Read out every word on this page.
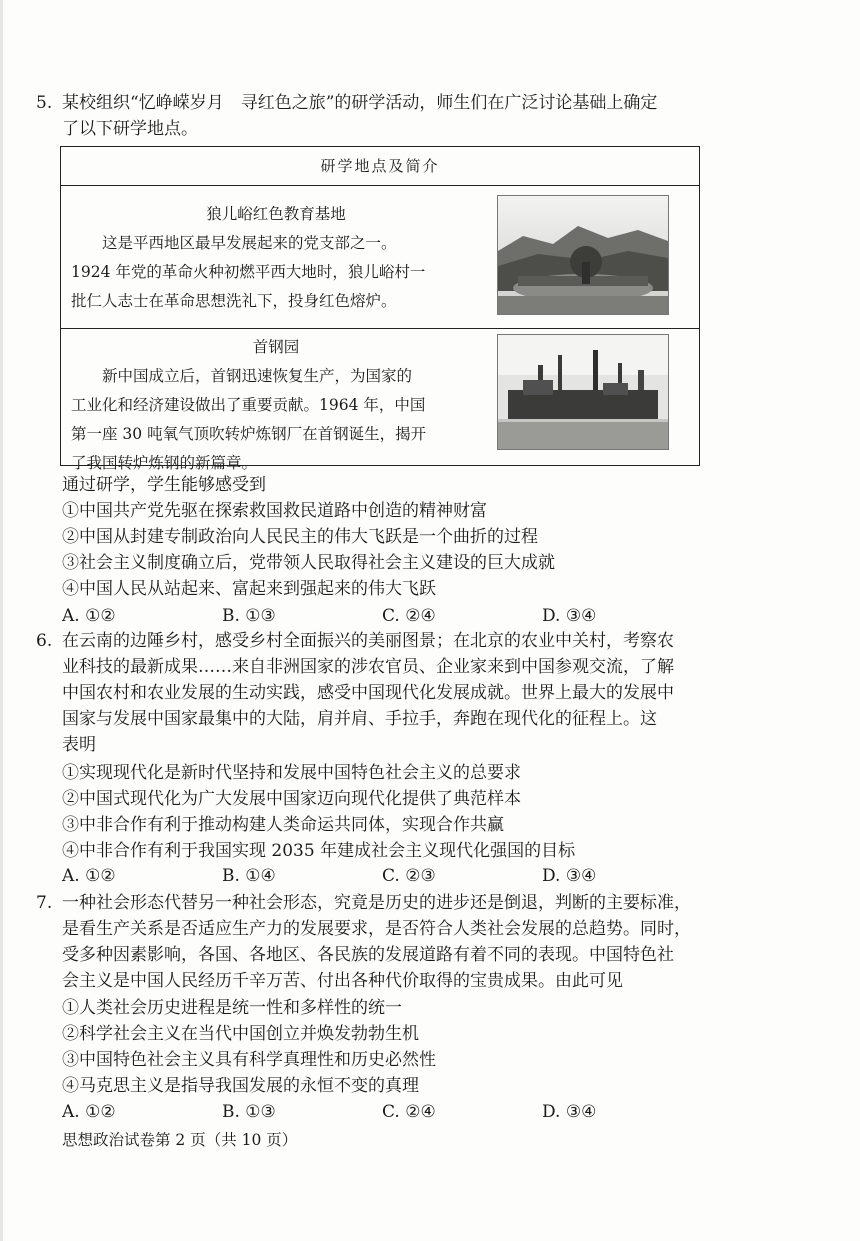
5. 某校组织“忆峥嵘岁月　寻红色之旅”的研学活动，师生们在广泛讨论基础上确定
了以下研学地点。
研学地点及简介
狼儿峪红色教育基地
这是平西地区最早发展起来的党支部之一。
1924 年党的革命火种初燃平西大地时，狼儿峪村一
批仁人志士在革命思想洗礼下，投身红色熔炉。
首钢园
新中国成立后，首钢迅速恢复生产，为国家的
工业化和经济建设做出了重要贡献。1964 年，中国
第一座 30 吨氧气顶吹转炉炼钢厂在首钢诞生，揭开
了我国转炉炼钢的新篇章。
通过研学，学生能够感受到
①中国共产党先驱在探索救国救民道路中创造的精神财富
②中国从封建专制政治向人民民主的伟大飞跃是一个曲折的过程
③社会主义制度确立后，党带领人民取得社会主义建设的巨大成就
④中国人民从站起来、富起来到强起来的伟大飞跃
A. ①②	B. ①③	C. ②④	D. ③④
6. 在云南的边陲乡村，感受乡村全面振兴的美丽图景；在北京的农业中关村，考察农
业科技的最新成果……来自非洲国家的涉农官员、企业家来到中国参观交流，了解
中国农村和农业发展的生动实践，感受中国现代化发展成就。世界上最大的发展中
国家与发展中国家最集中的大陆，肩并肩、手拉手，奔跑在现代化的征程上。这
表明
①实现现代化是新时代坚持和发展中国特色社会主义的总要求
②中国式现代化为广大发展中国家迈向现代化提供了典范样本
③中非合作有利于推动构建人类命运共同体，实现合作共赢
④中非合作有利于我国实现 2035 年建成社会主义现代化强国的目标
A. ①②	B. ①④	C. ②③	D. ③④
7. 一种社会形态代替另一种社会形态，究竟是历史的进步还是倒退，判断的主要标准，
是看生产关系是否适应生产力的发展要求，是否符合人类社会发展的总趋势。同时，
受多种因素影响，各国、各地区、各民族的发展道路有着不同的表现。中国特色社
会主义是中国人民经历千辛万苦、付出各种代价取得的宝贵成果。由此可见
①人类社会历史进程是统一性和多样性的统一
②科学社会主义在当代中国创立并焕发勃勃生机
③中国特色社会主义具有科学真理性和历史必然性
④马克思主义是指导我国发展的永恒不变的真理
A. ①②	B. ①③	C. ②④	D. ③④
思想政治试卷第 2 页（共 10 页）
